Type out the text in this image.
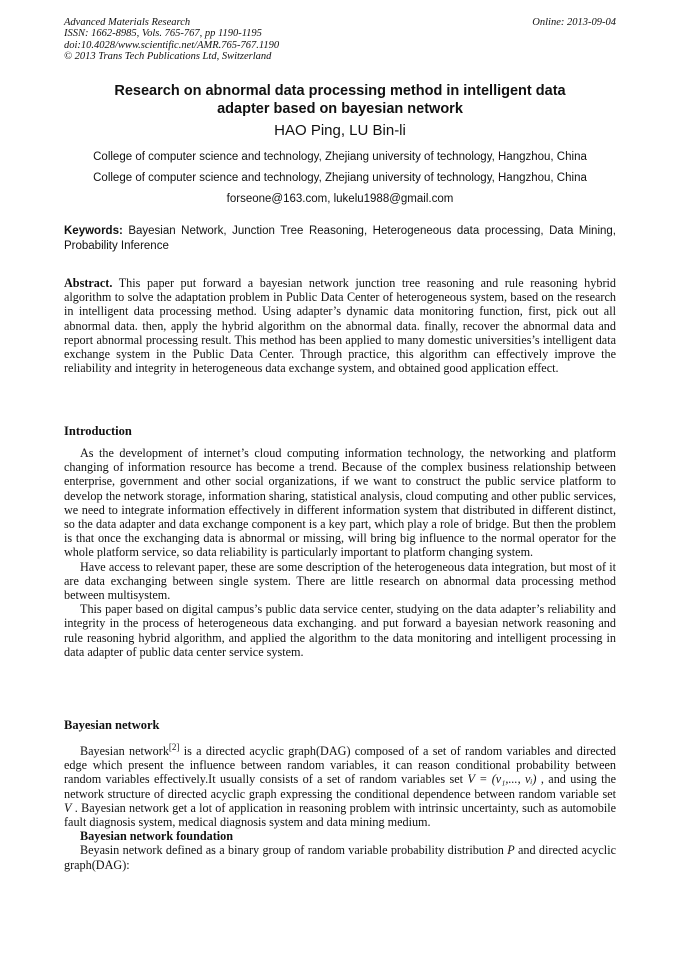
Advanced Materials Research
ISSN: 1662-8985, Vols. 765-767, pp 1190-1195
doi:10.4028/www.scientific.net/AMR.765-767.1190
© 2013 Trans Tech Publications Ltd, Switzerland
Online: 2013-09-04
Research on abnormal data processing method in intelligent data
adapter based on bayesian network
HAO Ping, LU Bin-li
College of computer science and technology, Zhejiang university of technology, Hangzhou, China
College of computer science and technology, Zhejiang university of technology, Hangzhou, China
forseone@163.com, lukelu1988@gmail.com
Keywords: Bayesian Network, Junction Tree Reasoning, Heterogeneous data processing, Data Mining, Probability Inference

Abstract. This paper put forward a bayesian network junction tree reasoning and rule reasoning hybrid algorithm to solve the adaptation problem in Public Data Center of heterogeneous system, based on the research in intelligent data processing method. Using adapter’s dynamic data monitoring function, first, pick out all abnormal data. then, apply the hybrid algorithm on the abnormal data. finally, recover the abnormal data and report abnormal processing result. This method has been applied to many domestic universities’s intelligent data exchange system in the Public Data Center. Through practice, this algorithm can effectively improve the reliability and integrity in heterogeneous data exchange system, and obtained good application effect.

Introduction

As the development of internet’s cloud computing information technology, the networking and platform changing of information resource has become a trend. Because of the complex business relationship between enterprise, government and other social organizations, if we want to construct the public service platform to develop the network storage, information sharing, statistical analysis, cloud computing and other public services, we need to integrate information effectively in different information system that distributed in different distinct, so the data adapter and data exchange component is a key part, which play a role of bridge. But then the problem is that once the exchanging data is abnormal or missing, will bring big influence to the normal operator for the whole platform service, so data reliability is particularly important to platform changing system.

Have access to relevant paper, these are some description of the heterogeneous data integration, but most of it are data exchanging between single system. There are little research on abnormal data processing method between multisystem.

This paper based on digital campus’s public data service center, studying on the data adapter’s reliability and integrity in the process of heterogeneous data exchanging. and put forward a bayesian network reasoning and rule reasoning hybrid algorithm, and applied the algorithm to the data monitoring and intelligent processing in data adapter of public data center service system.

Bayesian network

Bayesian network[2] is a directed acyclic graph(DAG) composed of a set of random variables and directed edge which present the influence between random variables, it can reason conditional probability between random variables effectively.It usually consists of a set of random variables set V = (v₁,..., vᵢ) , and using the network structure of directed acyclic graph expressing the conditional dependence between random variable set V . Bayesian network get a lot of application in reasoning problem with intrinsic uncertainty, such as automobile fault diagnosis system, medical diagnosis system and data mining medium.

Bayesian network foundation

Beyasin network defined as a binary group of random variable probability distribution P and directed acyclic graph(DAG):
